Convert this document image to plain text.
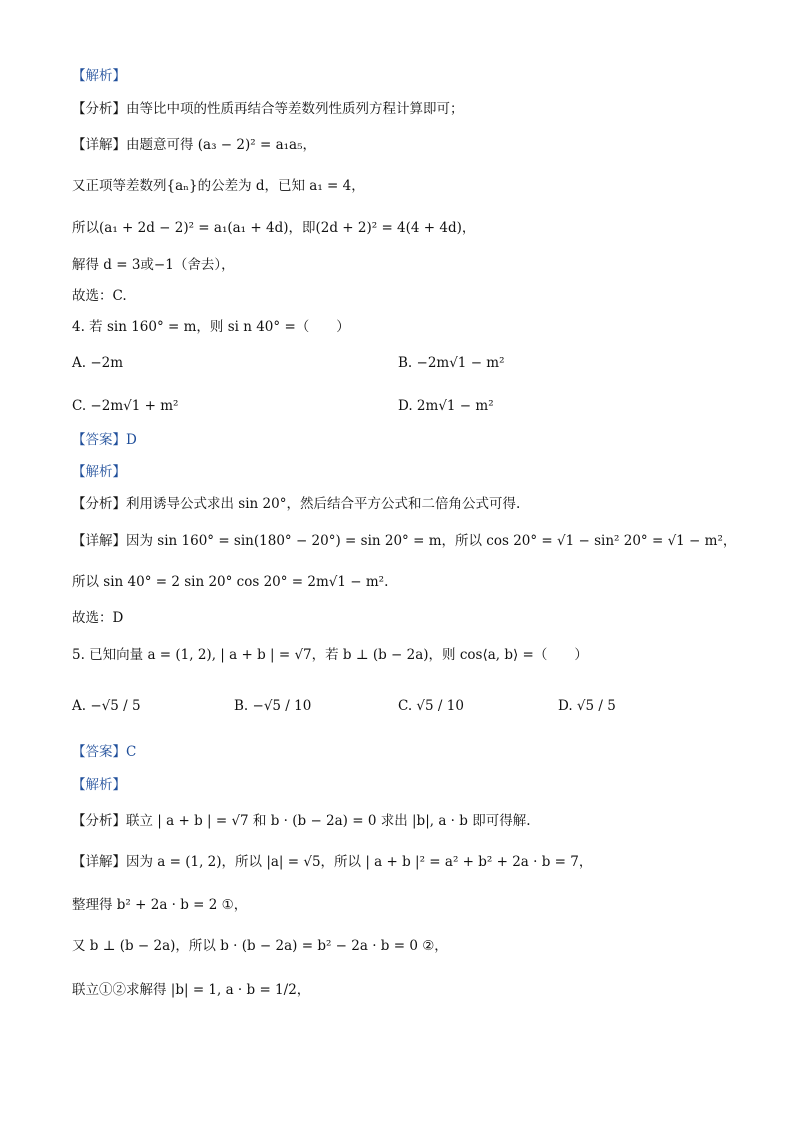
【解析】
【分析】由等比中项的性质再结合等差数列性质列方程计算即可；
【详解】由题意可得 (a₃ − 2)² = a₁a₅，
又正项等差数列{aₙ}的公差为 d，已知 a₁ = 4，
所以(a₁ + 2d − 2)² = a₁(a₁ + 4d)，即(2d + 2)² = 4(4 + 4d)，
解得 d = 3或−1（舍去），
故选：C.
4. 若 sin 160° = m，则 si n 40° =（　　）
A. −2m	B. −2m√1 − m²
C. −2m√1 + m²	D. 2m√1 − m²
【答案】D
【解析】
【分析】利用诱导公式求出 sin 20°，然后结合平方公式和二倍角公式可得.
【详解】因为 sin 160° = sin(180° − 20°) = sin 20° = m，所以 cos 20° = √1 − sin² 20° = √1 − m²，
所以 sin 40° = 2 sin 20° cos 20° = 2m√1 − m².
故选：D
5. 已知向量 a = (1, 2), | a + b | = √7，若 b ⊥ (b − 2a)，则 cos⟨a, b⟩ =（　　）
A. −√5 / 5	B. −√5 / 10	C. √5 / 10	D. √5 / 5
【答案】C
【解析】
【分析】联立 | a + b | = √7 和 b · (b − 2a) = 0 求出 |b|, a · b 即可得解.
【详解】因为 a = (1, 2)，所以 |a| = √5，所以 | a + b |² = a² + b² + 2a · b = 7，
整理得 b² + 2a · b = 2 ①，
又 b ⊥ (b − 2a)，所以 b · (b − 2a) = b² − 2a · b = 0 ②，
联立①②求解得 |b| = 1, a · b = 1/2，
